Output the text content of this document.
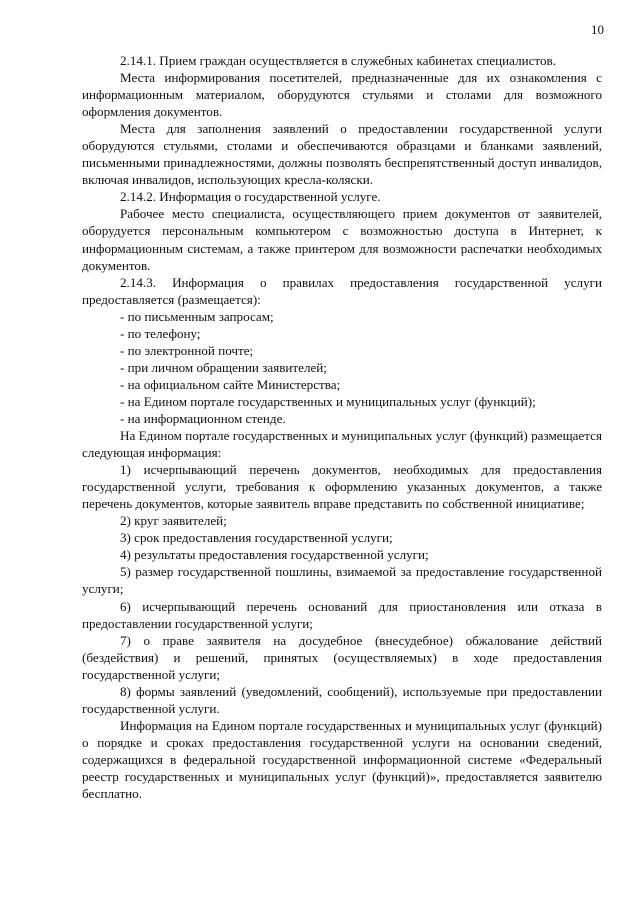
10

2.14.1. Прием граждан осуществляется в служебных кабинетах специалистов.

Места информирования посетителей, предназначенные для их ознакомления с информационным материалом, оборудуются стульями и столами для возможного оформления документов.

Места для заполнения заявлений о предоставлении государственной услуги оборудуются стульями, столами и обеспечиваются образцами и бланками заявлений, письменными принадлежностями, должны позволять беспрепятственный доступ инвалидов, включая инвалидов, использующих кресла-коляски.

2.14.2. Информация о государственной услуге.

Рабочее место специалиста, осуществляющего прием документов от заявителей, оборудуется персональным компьютером с возможностью доступа в Интернет, к информационным системам, а также принтером для возможности распечатки необходимых документов.

2.14.3. Информация о правилах предоставления государственной услуги предоставляется (размещается):

- по письменным запросам;

- по телефону;

- по электронной почте;

- при личном обращении заявителей;

- на официальном сайте Министерства;

- на Едином портале государственных и муниципальных услуг (функций);

- на информационном стенде.

На Едином портале государственных и муниципальных услуг (функций) размещается следующая информация:

1) исчерпывающий перечень документов, необходимых для предоставления государственной услуги, требования к оформлению указанных документов, а также перечень документов, которые заявитель вправе представить по собственной инициативе;

2) круг заявителей;

3) срок предоставления государственной услуги;

4) результаты предоставления государственной услуги;

5) размер государственной пошлины, взимаемой за предоставление государственной услуги;

6) исчерпывающий перечень оснований для приостановления или отказа в предоставлении государственной услуги;

7) о праве заявителя на досудебное (внесудебное) обжалование действий (бездействия) и решений, принятых (осуществляемых) в ходе предоставления государственной услуги;

8) формы заявлений (уведомлений, сообщений), используемые при предоставлении государственной услуги.

Информация на Едином портале государственных и муниципальных услуг (функций) о порядке и сроках предоставления государственной услуги на основании сведений, содержащихся в федеральной государственной информационной системе «Федеральный реестр государственных и муниципальных услуг (функций)», предоставляется заявителю бесплатно.
